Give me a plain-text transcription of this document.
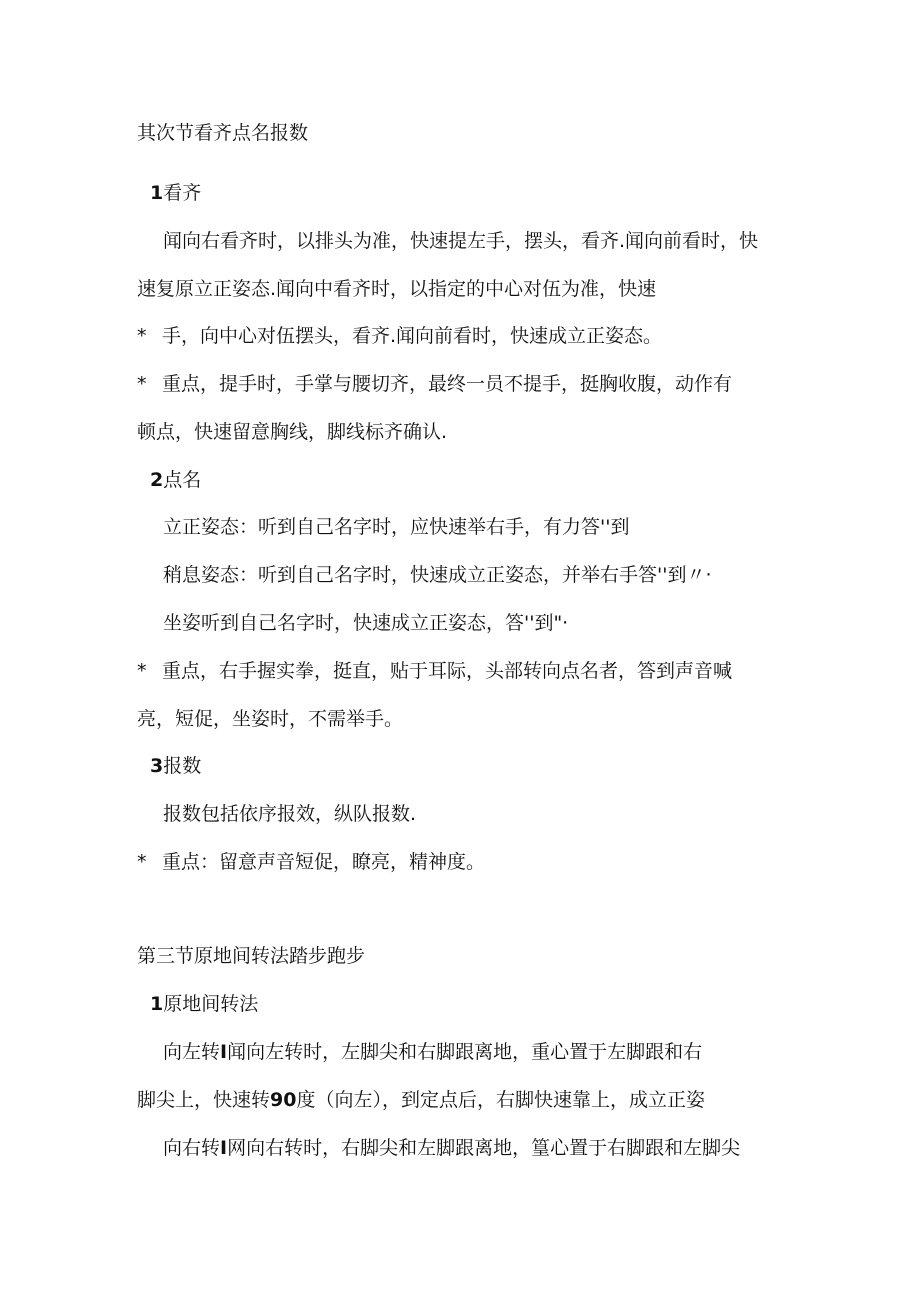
其次节看齐点名报数
1看齐
闻向右看齐时，以排头为准，快速提左手，摆头，看齐.闻向前看时，快
速复原立正姿态.闻向中看齐时，以指定的中心对伍为准，快速
* 手，向中心对伍摆头，看齐.闻向前看时，快速成立正姿态。
* 重点，提手时，手掌与腰切齐，最终一员不提手，挺胸收腹，动作有
顿点，快速留意胸线，脚线标齐确认.
2点名
立正姿态：听到自己名字时，应快速举右手，有力答''到
稍息姿态：听到自己名字时，快速成立正姿态，并举右手答''到〃·
坐姿听到自己名字时，快速成立正姿态，答''到"·
* 重点，右手握实拳，挺直，贴于耳际，头部转向点名者，答到声音喊
亮，短促，坐姿时，不需举手。
3报数
报数包括依序报效，纵队报数.
* 重点：留意声音短促，瞭亮，精神度。
第三节原地间转法踏步跑步
1原地间转法
向左转I闻向左转时，左脚尖和右脚跟离地，重心置于左脚跟和右
脚尖上，快速转90度（向左），到定点后，右脚快速靠上，成立正姿
向右转I网向右转时，右脚尖和左脚跟离地，篁心置于右脚跟和左脚尖
